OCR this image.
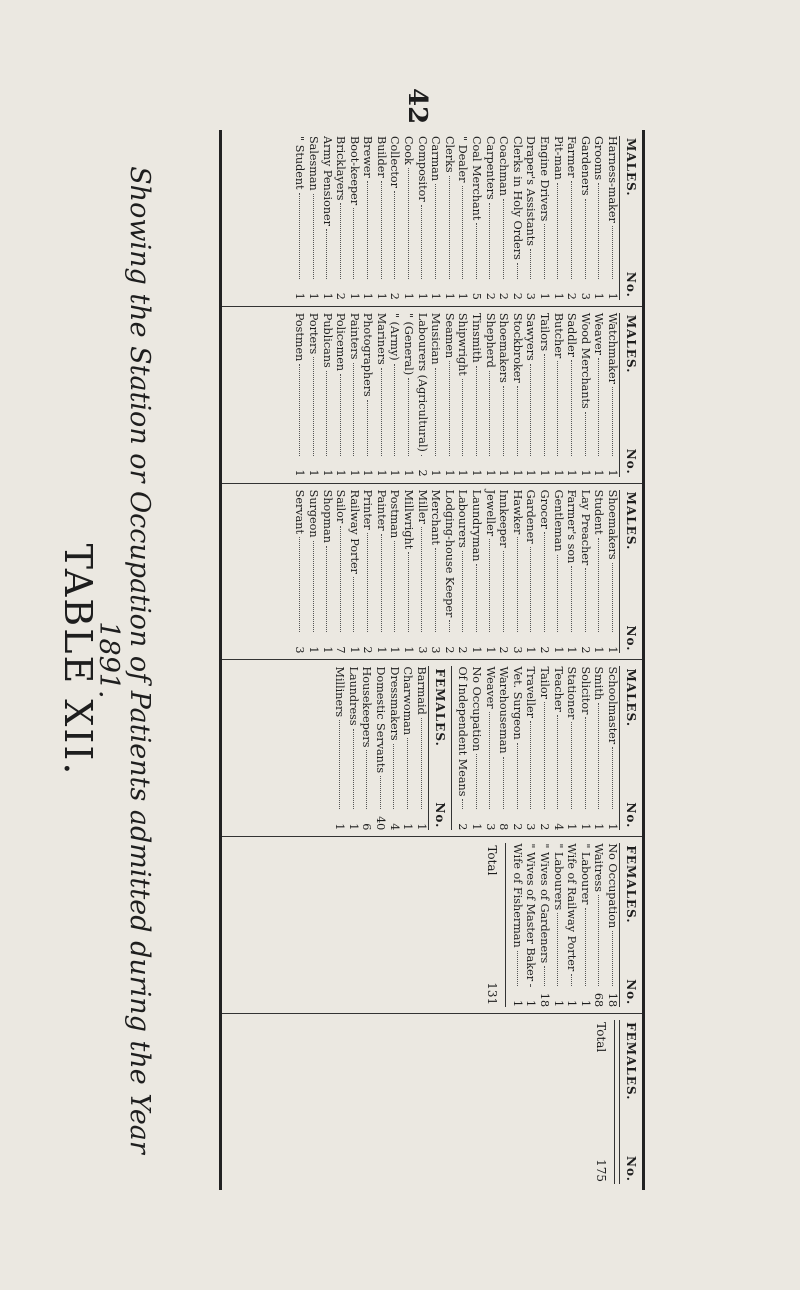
42
TABLE XII. Showing the Station or Occupation of Patients admitted during the Year 1891.
MALES.
No.
Harness-maker
1
Grooms
1
Gardeners
3
Farmer
2
Pit-man
1
Engine Drivers
1
Draper's Assistants
3
Clerks in Holy Orders
2
Coachman
2
Carpenters
2
Coal Merchant
5
" Dealer
1
Clerks
1
Carman
1
Compositor
1
Cook
1
Collector
2
Builder
1
Brewer
1
Boot-keeper
1
Bricklayers
2
Army Pensioner
1
Salesman
1
" Student
1
MALES.
No.
Watchmaker
1
Weaver
1
Wood Merchants
1
Saddler
1
Butcher
1
Tailors
1
Sawyers
1
Stockbroker
1
Shoemakers
1
Shepherd
1
Tinsmith
1
Shipwright
1
Seamen
1
Musician
1
Labourers (Agricultural)
2
" (General)
1
" (Army)
1
Mariners
1
Photographers
1
Painters
1
Policemen
1
Publicans
1
Porters
1
Postmen
1
MALES.
No.
Shoemakers
1
Student
1
Lay Preacher
2
Farmer's son
1
Gentleman
1
Grocer
2
Gardener
1
Hawker
3
Innkeeper
2
Jeweller
1
Laundryman
1
Labourers
2
Lodging-house Keeper
2
Merchant
3
Miller
3
Millwright
1
Postman
1
Painter
1
Printer
2
Railway Porter
1
Sailor
7
Shopman
1
Surgeon
1
Servant
3
MALES.
No.
Schoolmaster
1
Smith
1
Solicitor
1
Stationer
1
Teacher
4
Tailor
2
Traveller
3
Vet. Surgeon
2
Warehouseman
8
Weaver
3
No Occupation
1
Of Independent Means
2
FEMALES.
No.
Barmaid
1
Charwoman
1
Dressmakers
4
Domestic Servants
40
Housekeepers
6
Laundress
1
Milliners
1
FEMALES.
No.
No Occupation
18
Waitress
68
" Labourer
1
Wife of Railway Porter
1
" Labourers
1
" Wives of Gardeners
18
" Wives of Master Baker
1
Wife of Fisherman
1
Total
131
FEMALES.
No.
Total
175
